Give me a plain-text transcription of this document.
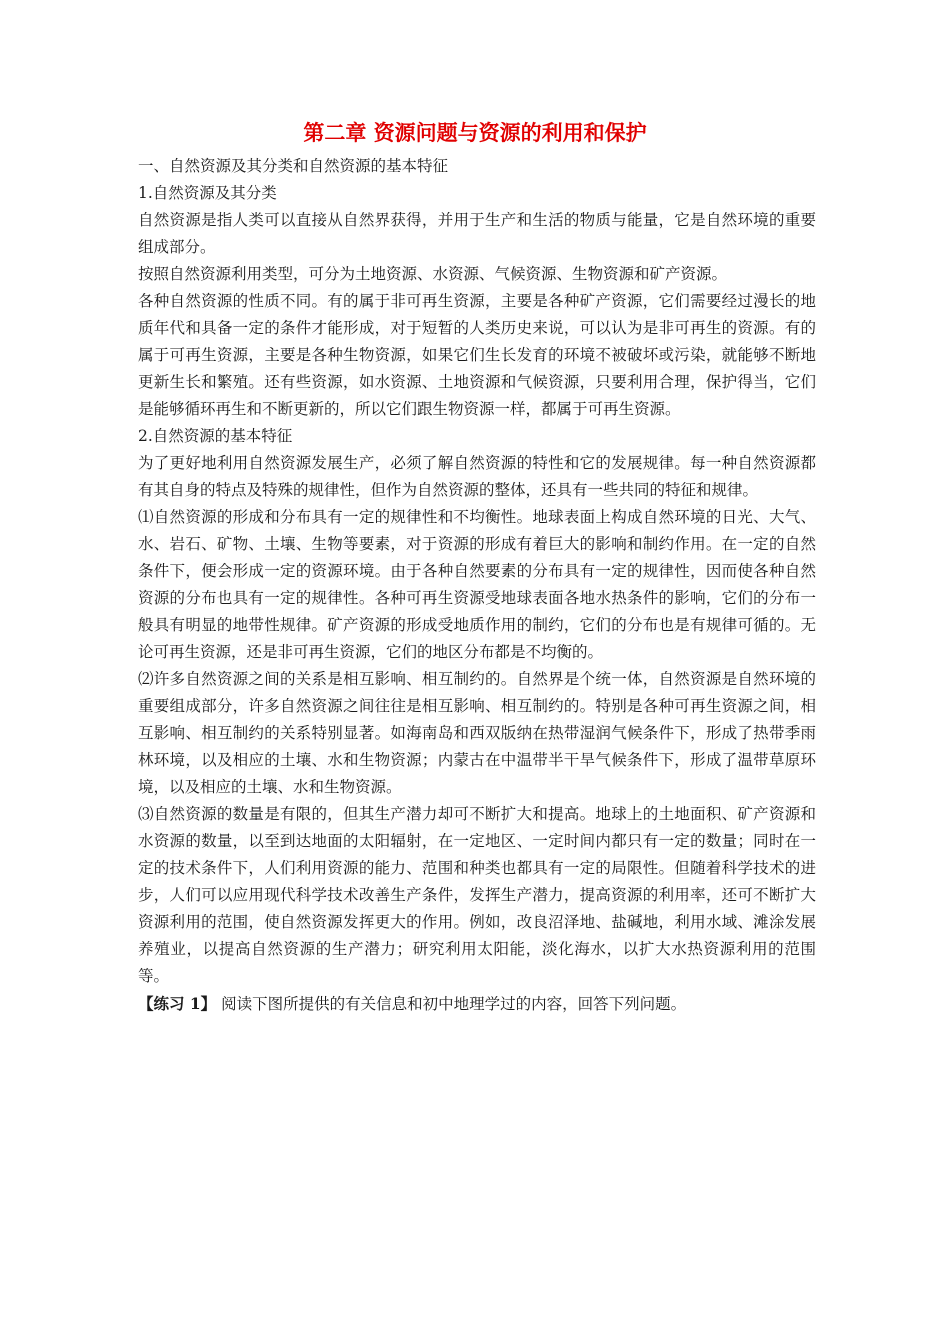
第二章 资源问题与资源的利用和保护

一、自然资源及其分类和自然资源的基本特征

1.自然资源及其分类

自然资源是指人类可以直接从自然界获得，并用于生产和生活的物质与能量，它是自然环境的重要组成部分。

按照自然资源利用类型，可分为土地资源、水资源、气候资源、生物资源和矿产资源。

各种自然资源的性质不同。有的属于非可再生资源，主要是各种矿产资源，它们需要经过漫长的地质年代和具备一定的条件才能形成，对于短暂的人类历史来说，可以认为是非可再生的资源。有的属于可再生资源，主要是各种生物资源，如果它们生长发育的环境不被破坏或污染，就能够不断地更新生长和繁殖。还有些资源，如水资源、土地资源和气候资源，只要利用合理，保护得当，它们是能够循环再生和不断更新的，所以它们跟生物资源一样，都属于可再生资源。

2.自然资源的基本特征

为了更好地利用自然资源发展生产，必须了解自然资源的特性和它的发展规律。每一种自然资源都有其自身的特点及特殊的规律性，但作为自然资源的整体，还具有一些共同的特征和规律。

⑴自然资源的形成和分布具有一定的规律性和不均衡性。地球表面上构成自然环境的日光、大气、水、岩石、矿物、土壤、生物等要素，对于资源的形成有着巨大的影响和制约作用。在一定的自然条件下，便会形成一定的资源环境。由于各种自然要素的分布具有一定的规律性，因而使各种自然资源的分布也具有一定的规律性。各种可再生资源受地球表面各地水热条件的影响，它们的分布一般具有明显的地带性规律。矿产资源的形成受地质作用的制约，它们的分布也是有规律可循的。无论可再生资源，还是非可再生资源，它们的地区分布都是不均衡的。

⑵许多自然资源之间的关系是相互影响、相互制约的。自然界是个统一体，自然资源是自然环境的重要组成部分，许多自然资源之间往往是相互影响、相互制约的。特别是各种可再生资源之间，相互影响、相互制约的关系特别显著。如海南岛和西双版纳在热带湿润气候条件下，形成了热带季雨林环境，以及相应的土壤、水和生物资源；内蒙古在中温带半干旱气候条件下，形成了温带草原环境，以及相应的土壤、水和生物资源。

⑶自然资源的数量是有限的，但其生产潜力却可不断扩大和提高。地球上的土地面积、矿产资源和水资源的数量，以至到达地面的太阳辐射，在一定地区、一定时间内都只有一定的数量；同时在一定的技术条件下，人们利用资源的能力、范围和种类也都具有一定的局限性。但随着科学技术的进步，人们可以应用现代科学技术改善生产条件，发挥生产潜力，提高资源的利用率，还可不断扩大资源利用的范围，使自然资源发挥更大的作用。例如，改良沼泽地、盐碱地，利用水域、滩涂发展养殖业，以提高自然资源的生产潜力；研究利用太阳能，淡化海水，以扩大水热资源利用的范围等。

【练习 1】 阅读下图所提供的有关信息和初中地理学过的内容，回答下列问题。
